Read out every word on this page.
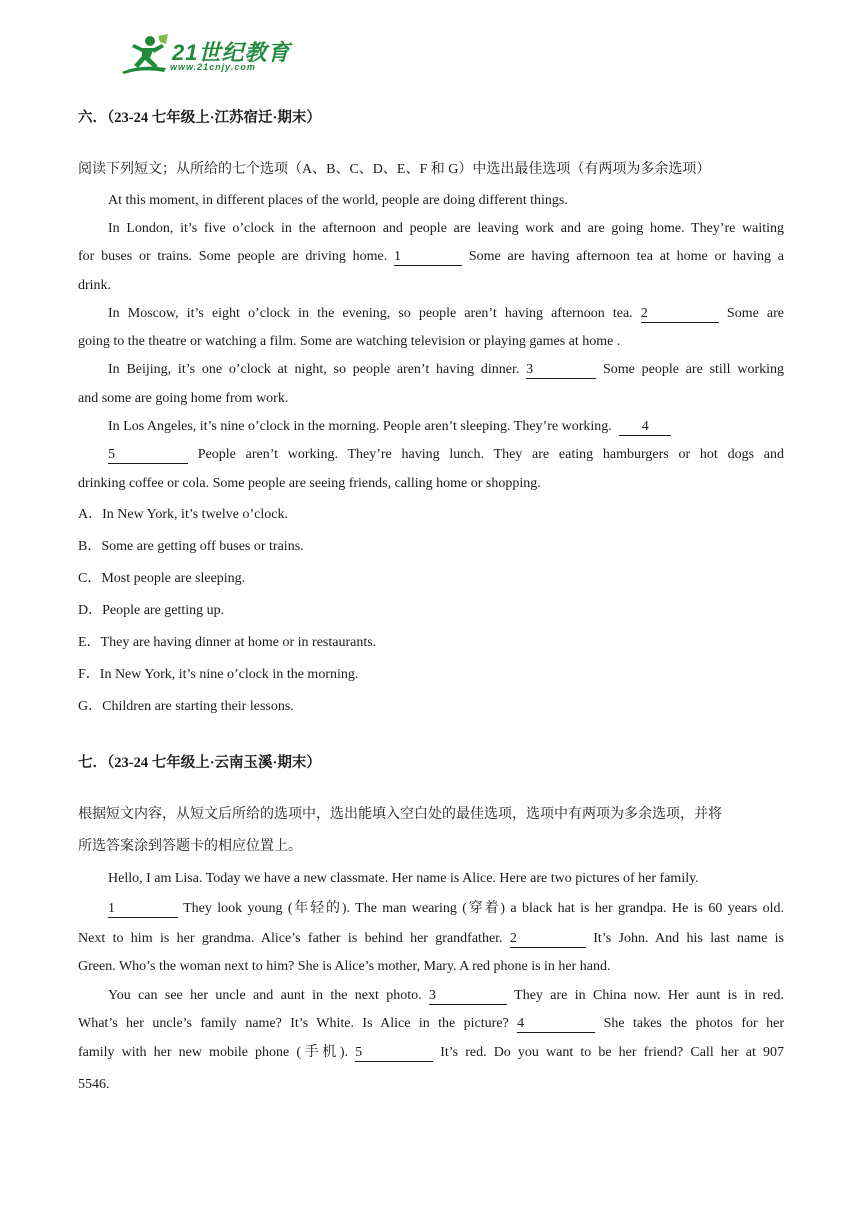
21世纪教育
www.21cnjy.com
六．（23-24 七年级上·江苏宿迁·期末）
阅读下列短文；从所给的七个选项（A、B、C、D、E、F 和 G）中选出最佳选项（有两项为多余选项）
At this moment, in different places of the world, people are doing different things.
In London, it’s five o’clock in the afternoon and people are leaving work and are going home. They’re waiting
for buses or trains. Some people are driving home. 1	Some are having afternoon tea at home or having a
drink.
In Moscow, it’s eight o’clock in the evening, so people aren’t having afternoon tea. 2	Some are
going to the theatre or watching a film. Some are watching television or playing games at home .
In Beijing, it’s one o’clock at night, so people aren’t having dinner. 3	Some people are still working
and some are going home from work.
In Los Angeles, it’s nine o’clock in the morning. People aren’t sleeping. They’re working. 4
5	People aren’t working. They’re having lunch. They are eating hamburgers or hot dogs and
drinking coffee or cola. Some people are seeing friends, calling home or shopping.
A．In New York, it’s twelve o’clock.
B．Some are getting off buses or trains.
C．Most people are sleeping.
D．People are getting up.
E．They are having dinner at home or in restaurants.
F．In New York, it’s nine o’clock in the morning.
G．Children are starting their lessons.
七．（23-24 七年级上·云南玉溪·期末）
根据短文内容，从短文后所给的选项中，选出能填入空白处的最佳选项，选项中有两项为多余选项，并将
所选答案涂到答题卡的相应位置上。
Hello, I am Lisa. Today we have a new classmate. Her name is Alice. Here are two pictures of her family.
1	They look young (年轻的). The man wearing (穿着) a black hat is her grandpa. He is 60 years old.
Next to him is her grandma. Alice’s father is behind her grandfather. 2	It’s John. And his last name is
Green. Who’s the woman next to him? She is Alice’s mother, Mary. A red phone is in her hand.
You can see her uncle and aunt in the next photo. 3	They are in China now. Her aunt is in red.
What’s her uncle’s family name? It’s White. Is Alice in the picture? 4	She takes the photos for her
family with her new mobile phone (手机). 5	It’s red. Do you want to be her friend? Call her at 907
5546.
